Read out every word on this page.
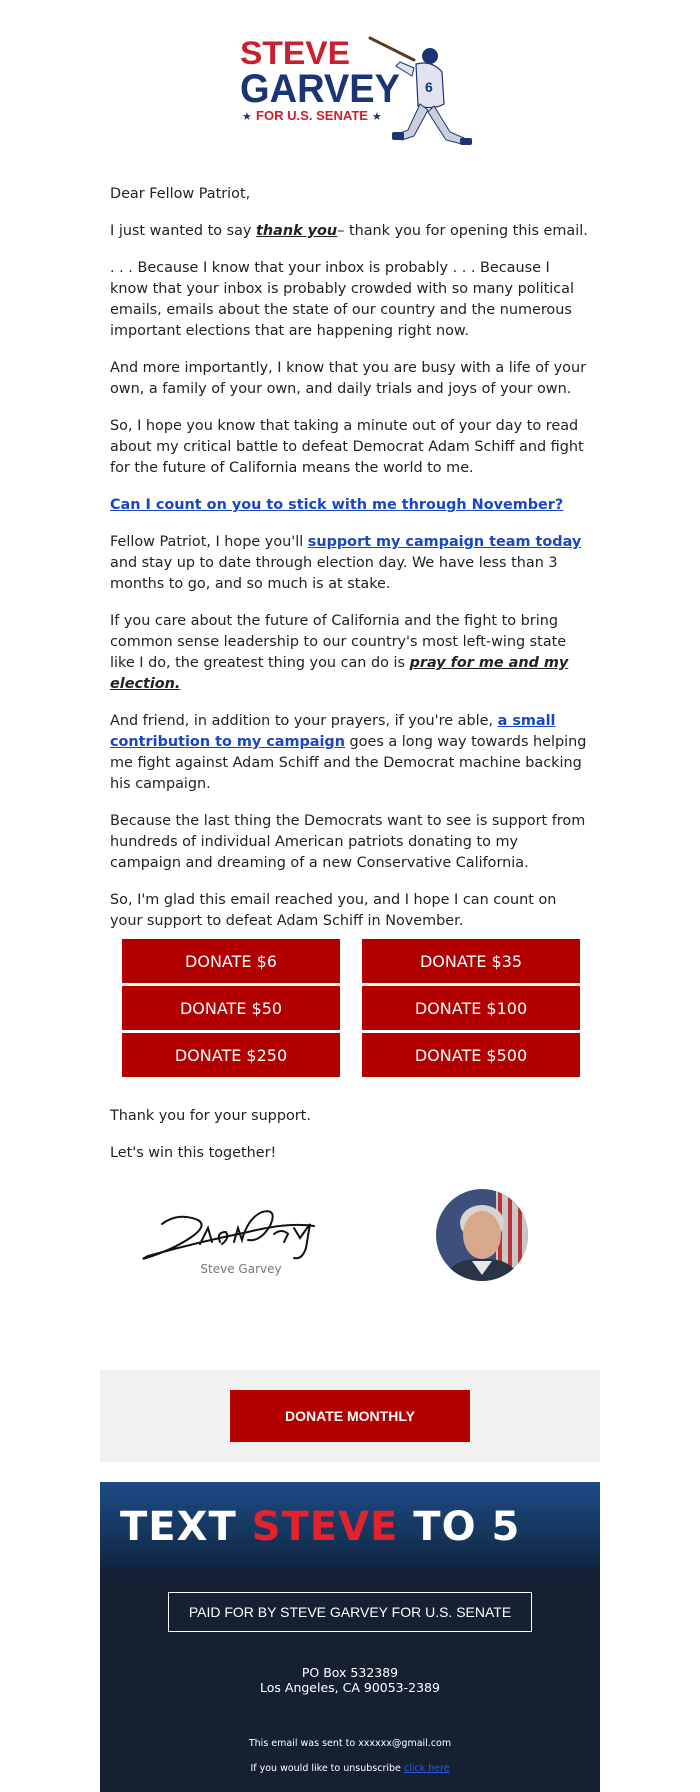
STEVE
GARVEY
★ FOR U.S. SENATE ★
6

Dear Fellow Patriot,

I just wanted to say thank you– thank you for opening this email.

. . . Because I know that your inbox is probably . . . Because I know that your inbox is probably crowded with so many political emails, emails about the state of our country and the numerous important elections that are happening right now.

And more importantly, I know that you are busy with a life of your own, a family of your own, and daily trials and joys of your own.

So, I hope you know that taking a minute out of your day to read about my critical battle to defeat Democrat Adam Schiff and fight for the future of California means the world to me.

Can I count on you to stick with me through November?

Fellow Patriot, I hope you'll support my campaign team today and stay up to date through election day. We have less than 3 months to go, and so much is at stake.

If you care about the future of California and the fight to bring common sense leadership to our country's most left-wing state like I do, the greatest thing you can do is pray for me and my election.

And friend, in addition to your prayers, if you're able, a small contribution to my campaign goes a long way towards helping me fight against Adam Schiff and the Democrat machine backing his campaign.

Because the last thing the Democrats want to see is support from hundreds of individual American patriots donating to my campaign and dreaming of a new Conservative California.

So, I'm glad this email reached you, and I hope I can count on your support to defeat Adam Schiff in November.

DONATE $6	DONATE $35
DONATE $50	DONATE $100
DONATE $250	DONATE $500

Thank you for your support.

Let's win this together!

Steve Garvey
DONATE MONTHLY
TEXT STEVE TO 5
PAID FOR BY STEVE GARVEY FOR U.S. SENATE
PO Box 532389
Los Angeles, CA 90053-2389
This email was sent to xxxxxx@gmail.com
If you would like to unsubscribe click here
